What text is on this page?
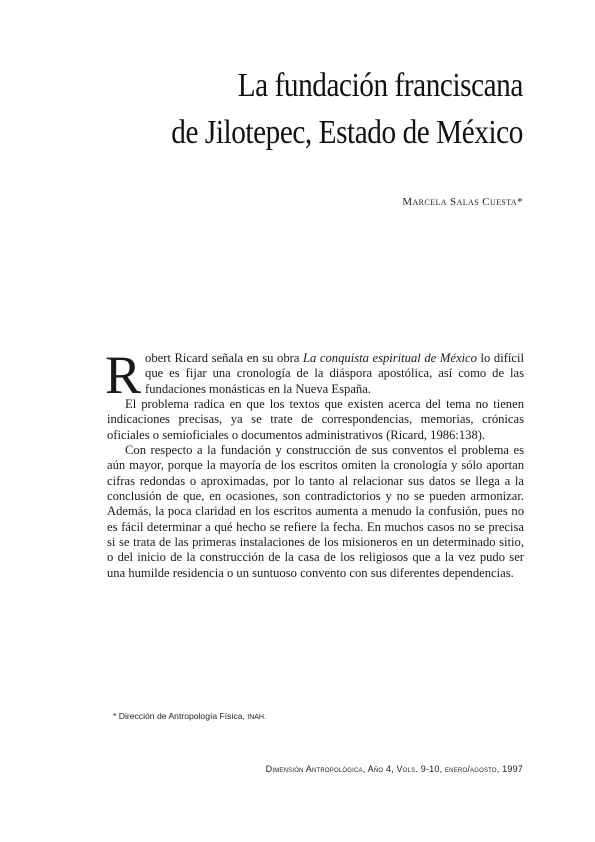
La fundación franciscana
de Jilotepec, Estado de México
Marcela Salas Cuesta*

Robert Ricard señala en su obra La conquista espiritual de México lo difícil que es fijar una cronología de la diáspora apostólica, así como de las fundaciones monásticas en la Nueva España.

El problema radica en que los textos que existen acerca del tema no tienen indicaciones precisas, ya se trate de correspondencias, memorias, crónicas oficiales o semioficiales o documentos administrativos (Ricard, 1986:138).

Con respecto a la fundación y construcción de sus conventos el problema es aún mayor, porque la mayoría de los escritos omiten la cronología y sólo aportan cifras redondas o aproximadas, por lo tanto al relacionar sus datos se llega a la conclusión de que, en ocasiones, son contradictorios y no se pueden armonizar. Además, la poca claridad en los escritos aumenta a menudo la confusión, pues no es fácil determinar a qué hecho se refiere la fecha. En muchos casos no se precisa si se trata de las primeras instalaciones de los misioneros en un determinado sitio, o del inicio de la construcción de la casa de los religiosos que a la vez pudo ser una humilde residencia o un suntuoso convento con sus diferentes dependencias.

* Dirección de Antropología Física, INAH.
Dimensión Antropológica, Año 4, Vols. 9-10, enero/agosto, 1997
